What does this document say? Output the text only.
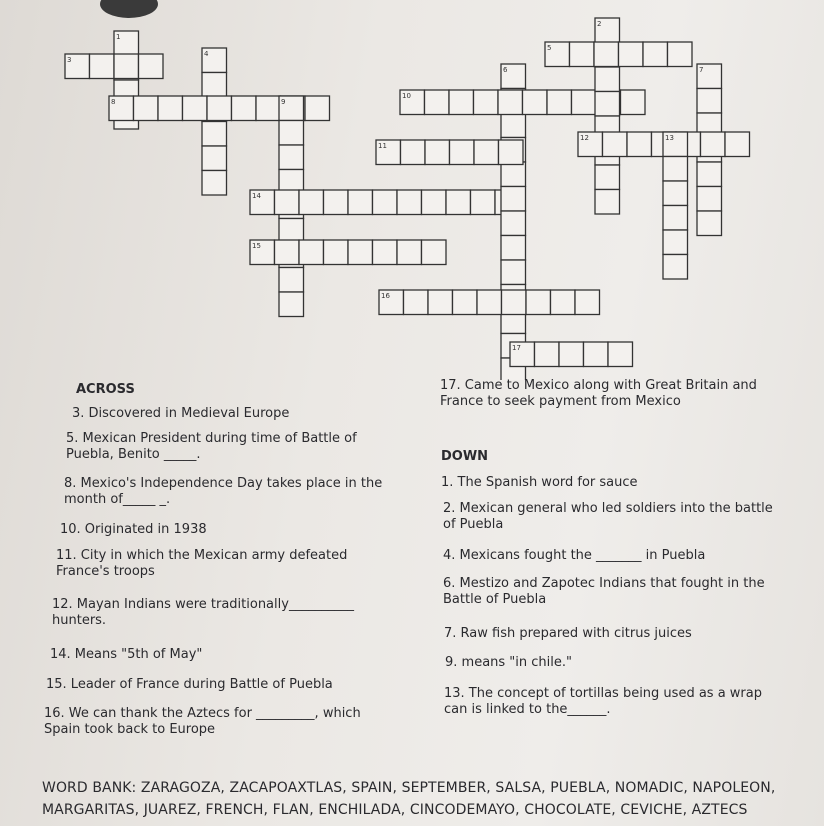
1
2
3
4
5
6	7
8	9
10
11
12	13
14
15
16
17
ACROSS
3. Discovered in Medieval Europe
5. Mexican President during time of Battle of Puebla, Benito _____.
8. Mexico's Independence Day takes place in the month of_____ _.
10. Originated in 1938
11. City in which the Mexican army defeated France's troops
12. Mayan Indians were traditionally__________ hunters.
14. Means "5th of May"
15. Leader of France during Battle of Puebla
16. We can thank the Aztecs for _________, which Spain took back to Europe
17. Came to Mexico along with Great Britain and France to seek payment from Mexico
DOWN
1. The Spanish word for sauce
2. Mexican general who led soldiers into the battle of Puebla
4. Mexicans fought the _______ in Puebla
6. Mestizo and Zapotec Indians that fought in the Battle of Puebla
7. Raw fish prepared with citrus juices
9. means "in chile."
13. The concept of tortillas being used as a wrap can is linked to the______.
WORD BANK: ZARAGOZA, ZACAPOAXTLAS, SPAIN, SEPTEMBER, SALSA, PUEBLA, NOMADIC, NAPOLEON,
MARGARITAS, JUAREZ, FRENCH, FLAN, ENCHILADA, CINCODEMAYO, CHOCOLATE, CEVICHE, AZTECS
